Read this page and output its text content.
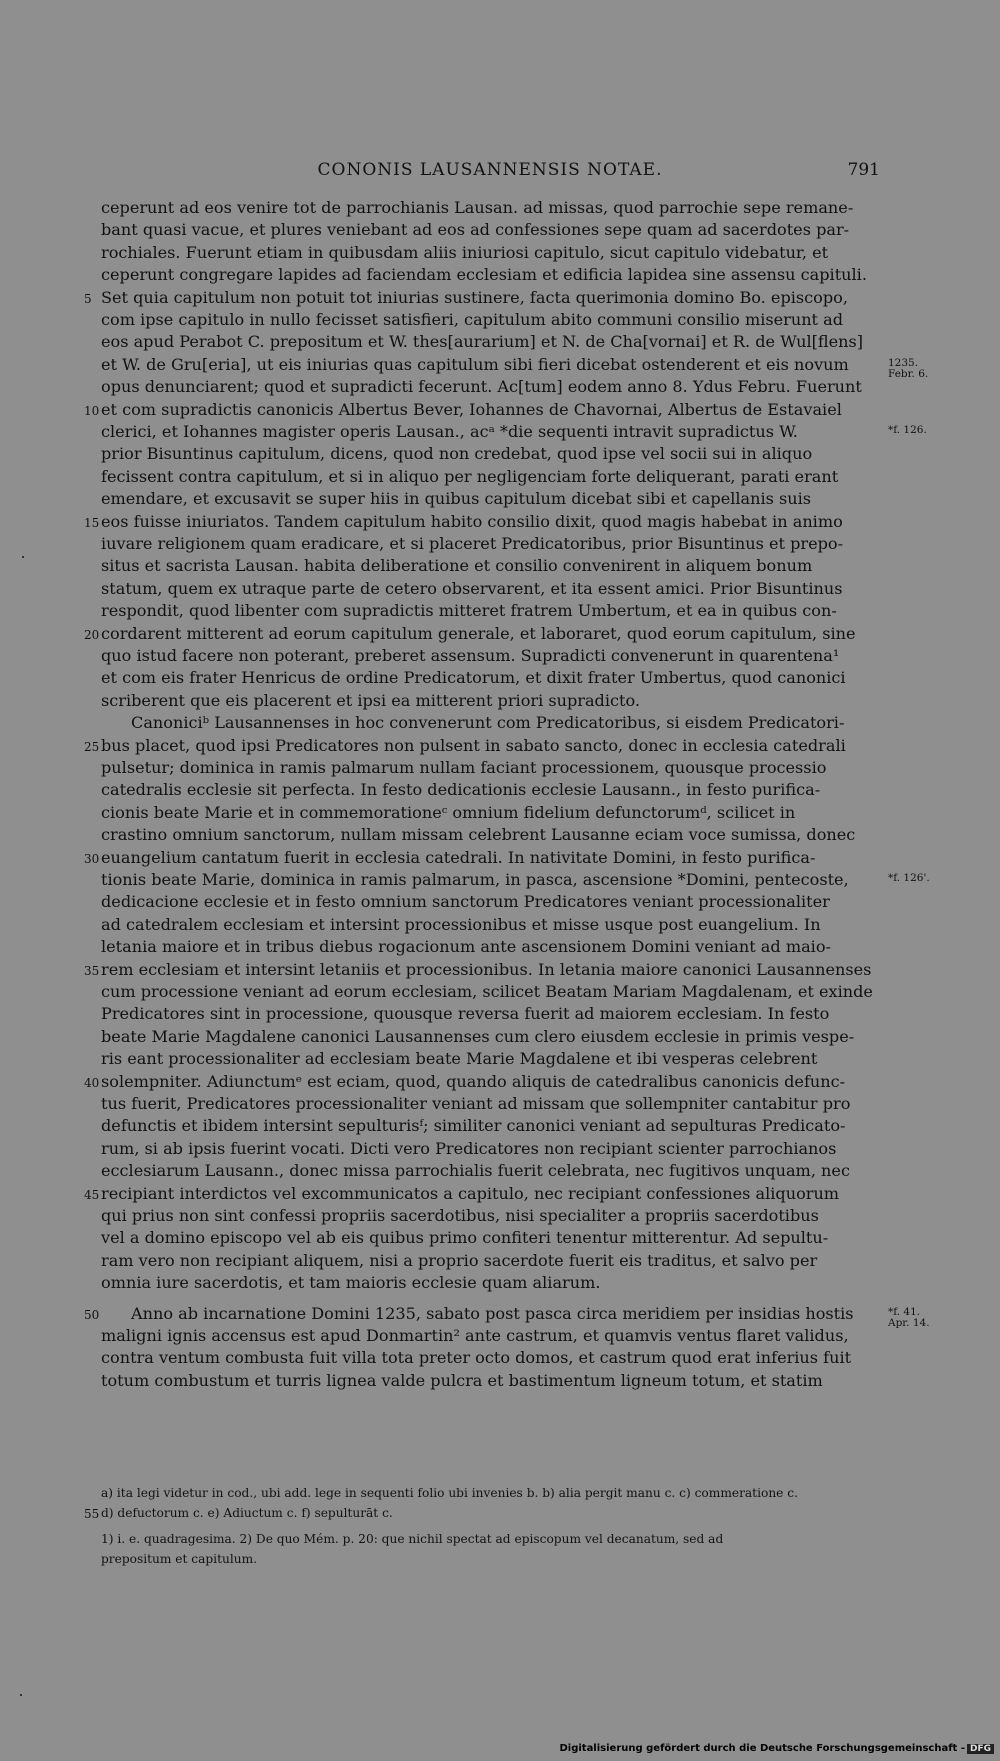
CONONIS LAUSANNENSIS NOTAE.	791
ceperunt ad eos venire tot de parrochianis Lausan. ad missas, quod parrochie sepe remane-
bant quasi vacue, et plures veniebant ad eos ad confessiones sepe quam ad sacerdotes par-
rochiales. Fuerunt etiam in quibusdam aliis iniuriosi capitulo, sicut capitulo videbatur, et
ceperunt congregare lapides ad faciendam ecclesiam et edificia lapidea sine assensu capituli.
Set quia capitulum non potuit tot iniurias sustinere, facta querimonia domino Bo. episcopo,
com ipse capitulo in nullo fecisset satisfieri, capitulum abito communi consilio miserunt ad
eos apud Perabot C. prepositum et W. thes[aurarium] et N. de Cha[vornai] et R. de Wul[flens]
et W. de Gru[eria], ut eis iniurias quas capitulum sibi fieri dicebat ostenderent et eis novum
opus denunciarent; quod et supradicti fecerunt. Ac[tum] eodem anno 8. Ydus Febru. Fuerunt
et com supradictis canonicis Albertus Bever, Iohannes de Chavornai, Albertus de Estavaiel
clerici, et Iohannes magister operis Lausan., acᵃ *die sequenti intravit supradictus W.
prior Bisuntinus capitulum, dicens, quod non credebat, quod ipse vel socii sui in aliquo
fecissent contra capitulum, et si in aliquo per negligenciam forte deliquerant, parati erant
emendare, et excusavit se super hiis in quibus capitulum dicebat sibi et capellanis suis
eos fuisse iniuriatos. Tandem capitulum habito consilio dixit, quod magis habebat in animo
iuvare religionem quam eradicare, et si placeret Predicatoribus, prior Bisuntinus et prepo-
situs et sacrista Lausan. habita deliberatione et consilio convenirent in aliquem bonum
statum, quem ex utraque parte de cetero observarent, et ita essent amici. Prior Bisuntinus
respondit, quod libenter com supradictis mitteret fratrem Umbertum, et ea in quibus con-
cordarent mitterent ad eorum capitulum generale, et laboraret, quod eorum capitulum, sine
quo istud facere non poterant, preberet assensum. Supradicti convenerunt in quarentena¹
et com eis frater Henricus de ordine Predicatorum, et dixit frater Umbertus, quod canonici
scriberent que eis placerent et ipsi ea mitterent priori supradicto.
Canoniciᵇ Lausannenses in hoc convenerunt com Predicatoribus, si eisdem Predicatori-
bus placet, quod ipsi Predicatores non pulsent in sabato sancto, donec in ecclesia catedrali
pulsetur; dominica in ramis palmarum nullam faciant processionem, quousque processio
catedralis ecclesie sit perfecta. In festo dedicationis ecclesie Lausann., in festo purifica-
cionis beate Marie et in commemorationeᶜ omnium fidelium defunctorumᵈ, scilicet in
crastino omnium sanctorum, nullam missam celebrent Lausanne eciam voce sumissa, donec
euangelium cantatum fuerit in ecclesia catedrali. In nativitate Domini, in festo purifica-
tionis beate Marie, dominica in ramis palmarum, in pasca, ascensione *Domini, pentecoste,
dedicacione ecclesie et in festo omnium sanctorum Predicatores veniant processionaliter
ad catedralem ecclesiam et intersint processionibus et misse usque post euangelium. In
letania maiore et in tribus diebus rogacionum ante ascensionem Domini veniant ad maio-
rem ecclesiam et intersint letaniis et processionibus. In letania maiore canonici Lausannenses
cum processione veniant ad eorum ecclesiam, scilicet Beatam Mariam Magdalenam, et exinde
Predicatores sint in processione, quousque reversa fuerit ad maiorem ecclesiam. In festo
beate Marie Magdalene canonici Lausannenses cum clero eiusdem ecclesie in primis vespe-
ris eant processionaliter ad ecclesiam beate Marie Magdalene et ibi vesperas celebrent
solempniter. Adiunctumᵉ est eciam, quod, quando aliquis de catedralibus canonicis defunc-
tus fuerit, Predicatores processionaliter veniant ad missam que sollempniter cantabitur pro
defunctis et ibidem intersint sepulturisᶠ; similiter canonici veniant ad sepulturas Predicato-
rum, si ab ipsis fuerint vocati. Dicti vero Predicatores non recipiant scienter parrochianos
ecclesiarum Lausann., donec missa parrochialis fuerit celebrata, nec fugitivos unquam, nec
recipiant interdictos vel excommunicatos a capitulo, nec recipiant confessiones aliquorum
qui prius non sint confessi propriis sacerdotibus, nisi specialiter a propriis sacerdotibus
vel a domino episcopo vel ab eis quibus primo confiteri tenentur mitterentur. Ad sepultu-
ram vero non recipiant aliquem, nisi a proprio sacerdote fuerit eis traditus, et salvo per
omnia iure sacerdotis, et tam maioris ecclesie quam aliarum.
Anno ab incarnatione Domini 1235, sabato post pasca circa meridiem per insidias hostis
maligni ignis accensus est apud Donmartin² ante castrum, et quamvis ventus flaret validus,
contra ventum combusta fuit villa tota preter octo domos, et castrum quod erat inferius fuit
totum combustum et turris lignea valde pulcra et bastimentum ligneum totum, et statim
a) ita legi videtur in cod., ubi add. lege in sequenti folio ubi invenies b. b) alia pergit manu c. c) commeratione c.
d) defuctorum c. e) Adiuctum c. f) sepulturāt c.
1) i. e. quadragesima. 2) De quo Mém. p. 20: que nichil spectat ad episcopum vel decanatum, sed ad
prepositum et capitulum.
55
Digitalisierung gefördert durch die Deutsche Forschungsgemeinschaft - DFG
5
10
15
20
25
30
35
40
45
50
1235.
Febr. 6.
*f. 126.
*f. 126'.
*f. 41.
Apr. 14.
